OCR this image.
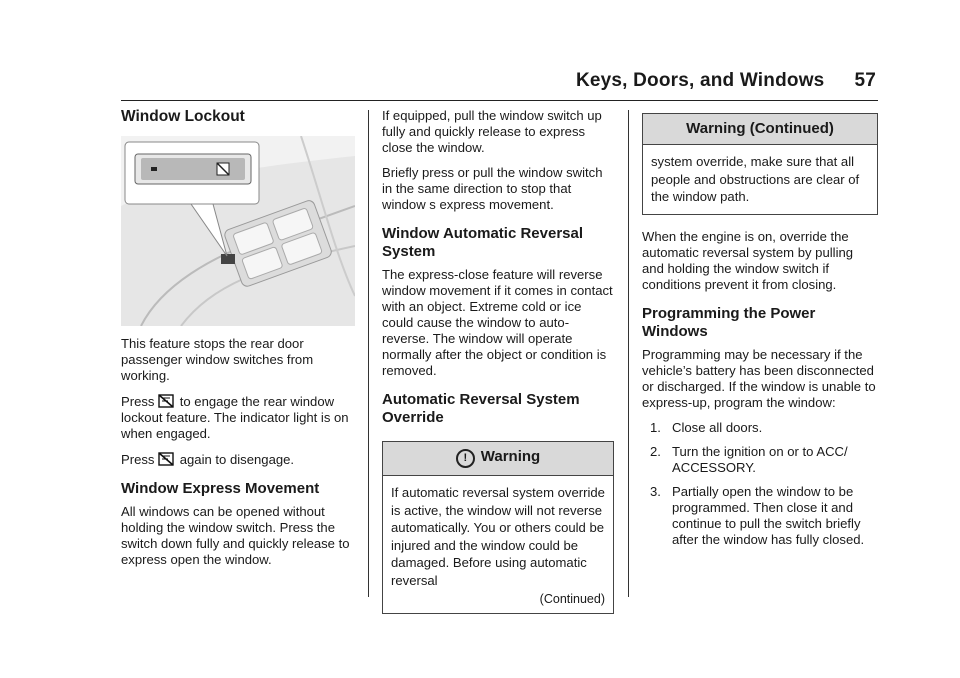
Keys, Doors, and Windows 57
Window Lockout

This feature stops the rear door passenger window switches from working.

Press  to engage the rear window lockout feature. The indicator light is on when engaged.

Press  again to disengage.

Window Express Movement

All windows can be opened without holding the window switch. Press the switch down fully and quickly release to express open the window.

If equipped, pull the window switch up fully and quickly release to express close the window.

Briefly press or pull the window switch in the same direction to stop that window s express movement.

Window Automatic Reversal System

The express-close feature will reverse window movement if it comes in contact with an object. Extreme cold or ice could cause the window to auto-reverse. The window will operate normally after the object or condition is removed.

Automatic Reversal System Override
! Warning
If automatic reversal system override is active, the window will not reverse automatically. You or others could be injured and the window could be damaged. Before using automatic reversal
(Continued)
Warning (Continued)
system override, make sure that all people and obstructions are clear of the window path.

When the engine is on, override the automatic reversal system by pulling and holding the window switch if conditions prevent it from closing.

Programming the Power Windows

Programming may be necessary if the vehicle’s battery has been disconnected or discharged. If the window is unable to express-up, program the window:

1. Close all doors.
2. Turn the ignition on or to ACC/ ACCESSORY.
3. Partially open the window to be programmed. Then close it and continue to pull the switch briefly after the window has fully closed.
